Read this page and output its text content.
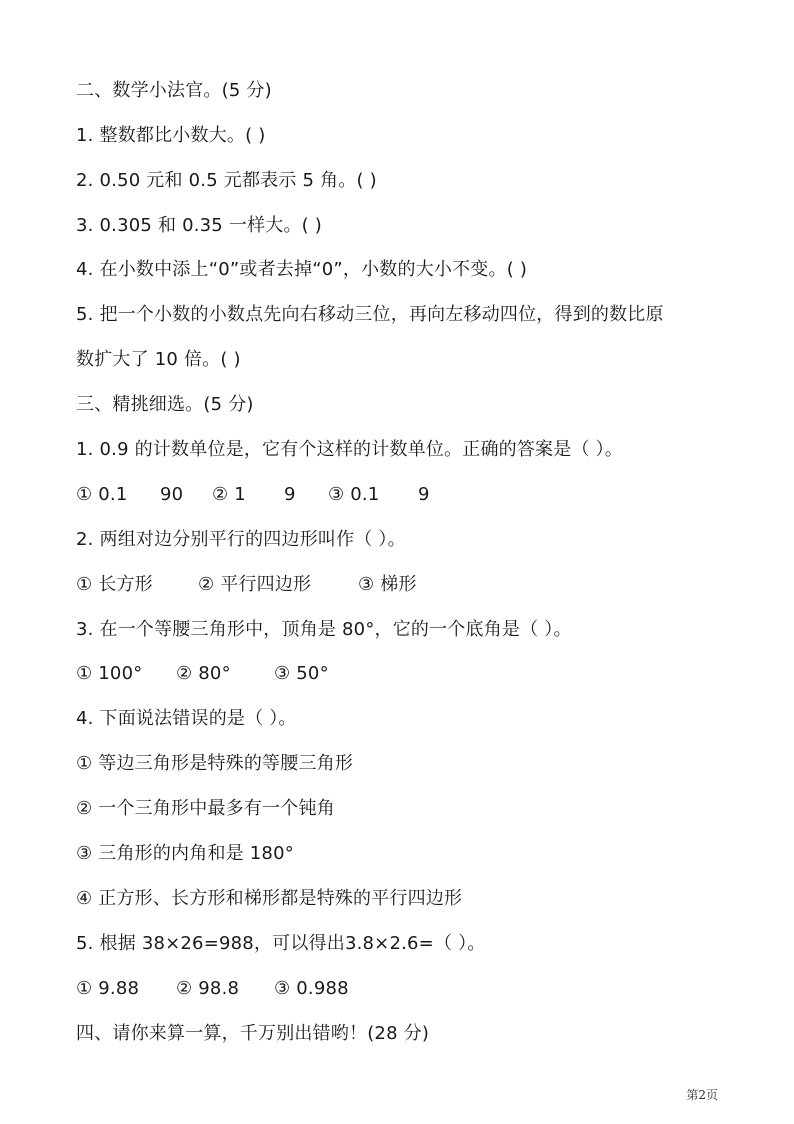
二、数学小法官。(5 分)
1. 整数都比小数大。( )
2. 0.50 元和 0.5 元都表示 5 角。( )
3. 0.305 和 0.35 一样大。( )
4. 在小数中添上“0”或者去掉“0”，小数的大小不变。( )
5. 把一个小数的小数点先向右移动三位，再向左移动四位，得到的数比原
数扩大了 10 倍。( )
三、精挑细选。(5 分)
1. 0.9 的计数单位是，它有个这样的计数单位。正确的答案是（ ）。
① 0.1	90	② 1	9	③ 0.1	9
2. 两组对边分别平行的四边形叫作（ ）。
① 长方形	② 平行四边形	③ 梯形
3. 在一个等腰三角形中，顶角是 80°，它的一个底角是（ ）。
① 100°	② 80°	③ 50°
4. 下面说法错误的是（ ）。
① 等边三角形是特殊的等腰三角形
② 一个三角形中最多有一个钝角
③ 三角形的内角和是 180°
④ 正方形、长方形和梯形都是特殊的平行四边形
5. 根据 38×26=988，可以得出3.8×2.6=（ ）。
① 9.88	② 98.8	③ 0.988
四、请你来算一算，千万别出错哟！(28 分)
第2页
